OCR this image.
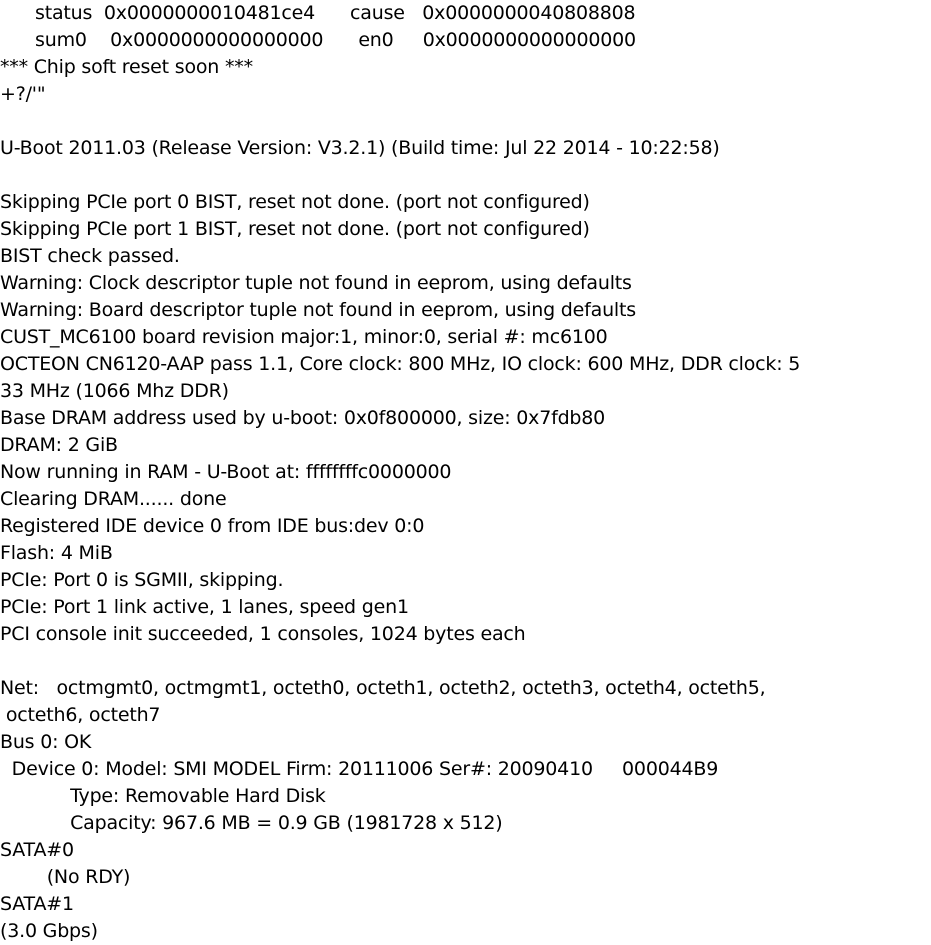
status  0x0000000010481ce4      cause   0x0000000040808808
sum0    0x0000000000000000      en0     0x0000000000000000
*** Chip soft reset soon ***
+?/'"
U-Boot 2011.03 (Release Version: V3.2.1) (Build time: Jul 22 2014 - 10:22:58)
Skipping PCIe port 0 BIST, reset not done. (port not configured)
Skipping PCIe port 1 BIST, reset not done. (port not configured)
BIST check passed.
Warning: Clock descriptor tuple not found in eeprom, using defaults
Warning: Board descriptor tuple not found in eeprom, using defaults
CUST_MC6100 board revision major:1, minor:0, serial #: mc6100
OCTEON CN6120-AAP pass 1.1, Core clock: 800 MHz, IO clock: 600 MHz, DDR clock: 5
33 MHz (1066 Mhz DDR)
Base DRAM address used by u-boot: 0x0f800000, size: 0x7fdb80
DRAM: 2 GiB
Now running in RAM - U-Boot at: ffffffffc0000000
Clearing DRAM...... done
Registered IDE device 0 from IDE bus:dev 0:0
Flash: 4 MiB
PCIe: Port 0 is SGMII, skipping.
PCIe: Port 1 link active, 1 lanes, speed gen1
PCI console init succeeded, 1 consoles, 1024 bytes each
Net:   octmgmt0, octmgmt1, octeth0, octeth1, octeth2, octeth3, octeth4, octeth5,
octeth6, octeth7
Bus 0: OK
Device 0: Model: SMI MODEL Firm: 20111006 Ser#: 20090410     000044B9
Type: Removable Hard Disk
Capacity: 967.6 MB = 0.9 GB (1981728 x 512)
SATA#0
(No RDY)
SATA#1
(3.0 Gbps)
